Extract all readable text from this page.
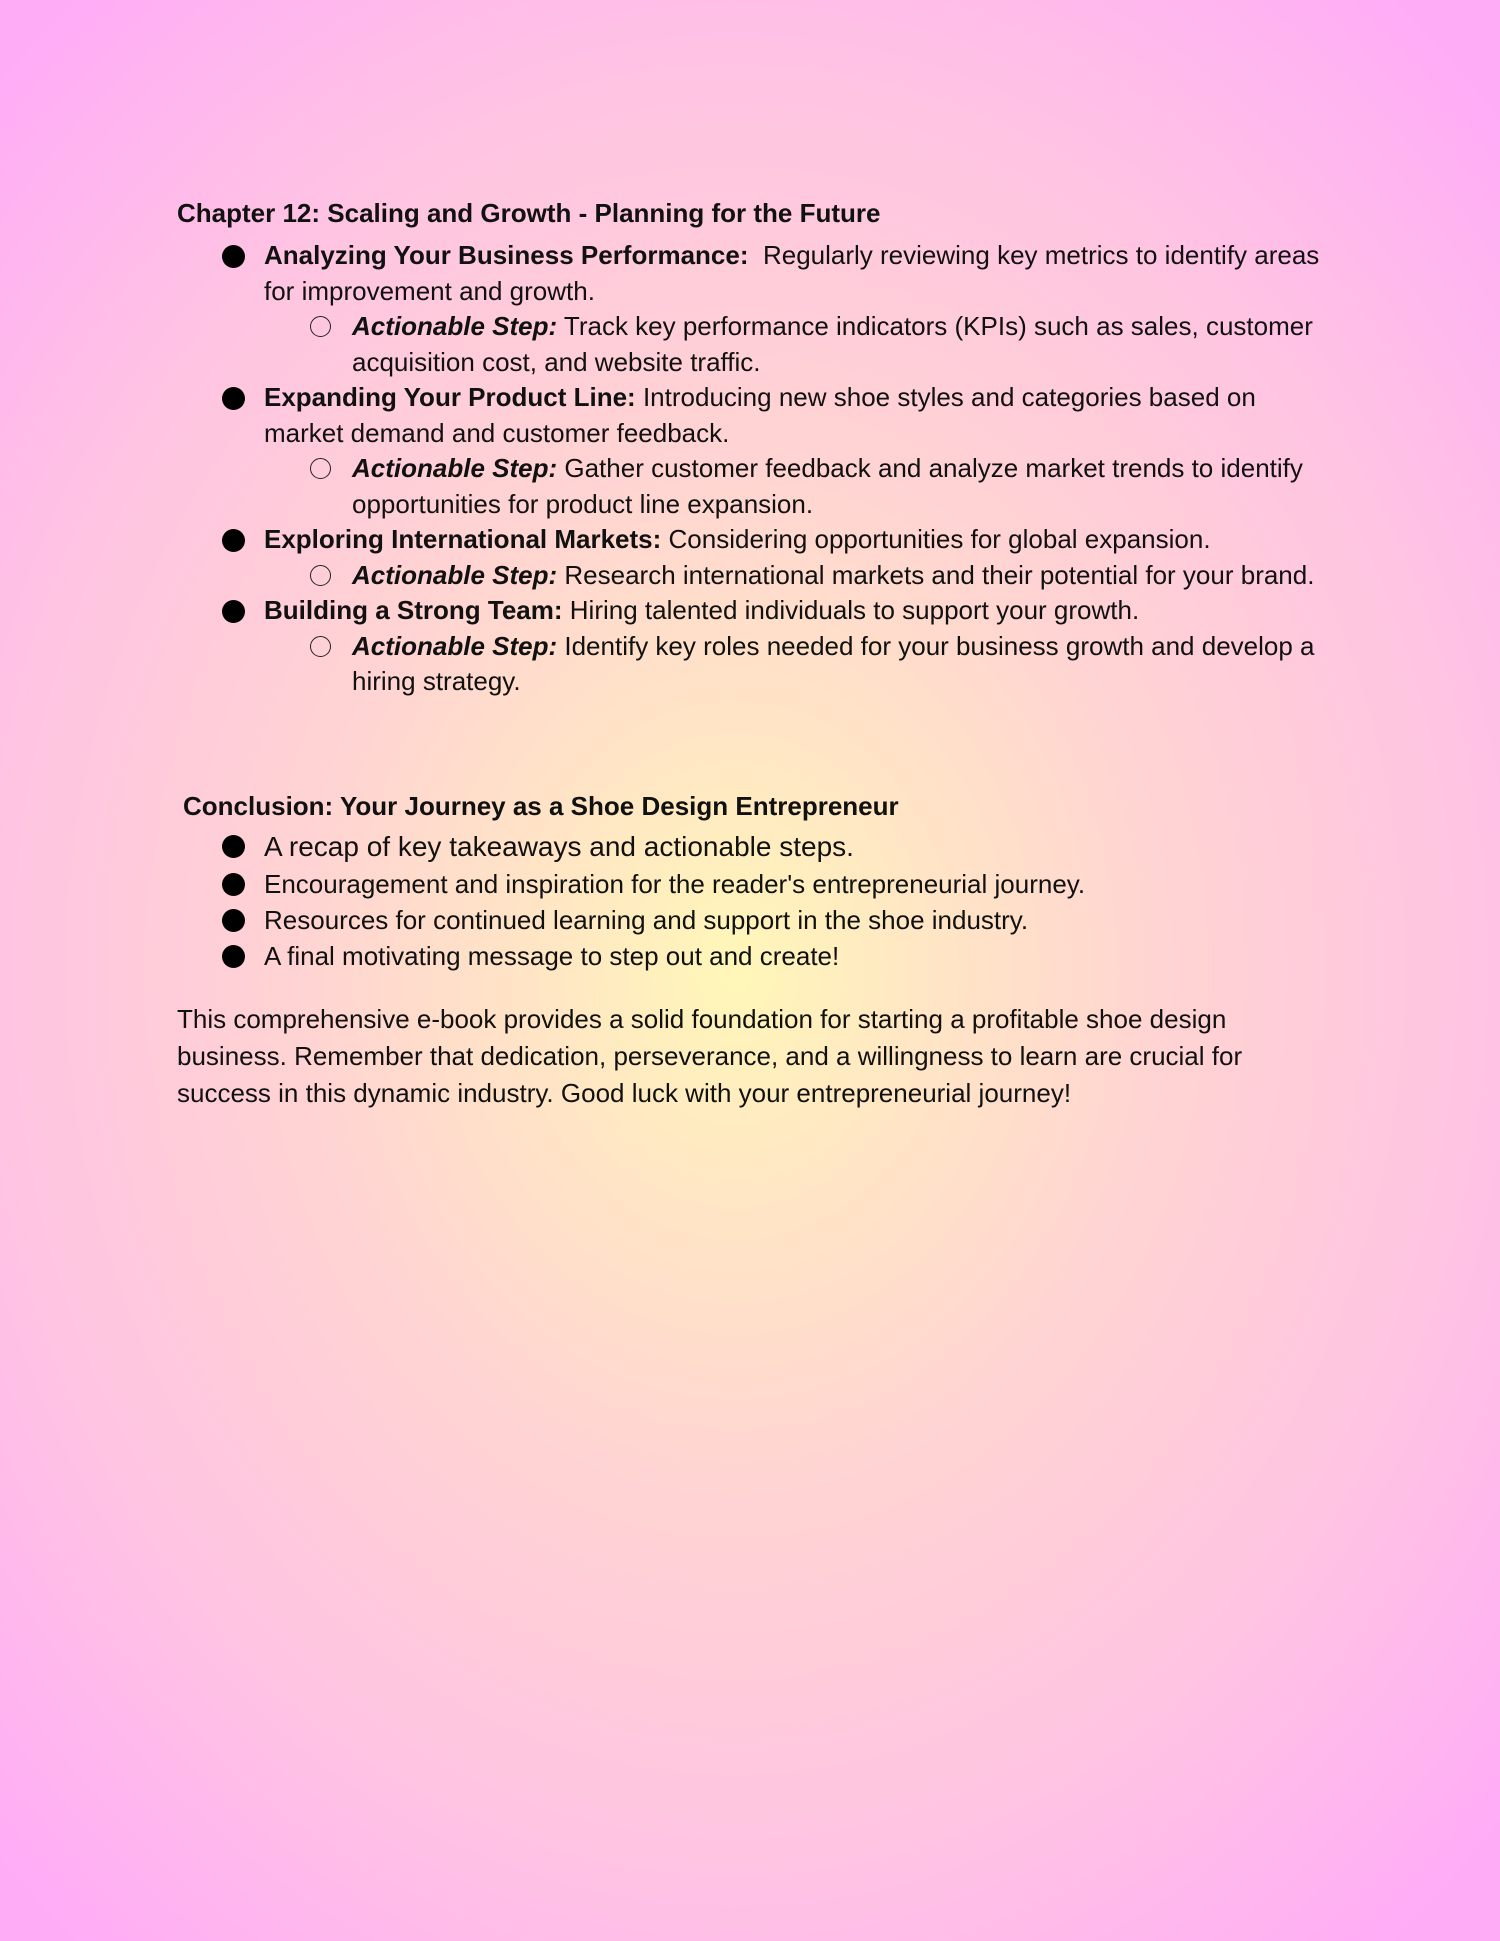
Chapter 12: Scaling and Growth - Planning for the Future
Analyzing Your Business Performance: Regularly reviewing key metrics to identify areas for improvement and growth.
Actionable Step: Track key performance indicators (KPIs) such as sales, customer acquisition cost, and website traffic.
Expanding Your Product Line: Introducing new shoe styles and categories based on market demand and customer feedback.
Actionable Step: Gather customer feedback and analyze market trends to identify opportunities for product line expansion.
Exploring International Markets: Considering opportunities for global expansion.
Actionable Step: Research international markets and their potential for your brand.
Building a Strong Team: Hiring talented individuals to support your growth.
Actionable Step: Identify key roles needed for your business growth and develop a hiring strategy.
Conclusion: Your Journey as a Shoe Design Entrepreneur
A recap of key takeaways and actionable steps.
Encouragement and inspiration for the reader's entrepreneurial journey.
Resources for continued learning and support in the shoe industry.
A final motivating message to step out and create!

This comprehensive e-book provides a solid foundation for starting a profitable shoe design business. Remember that dedication, perseverance, and a willingness to learn are crucial for success in this dynamic industry. Good luck with your entrepreneurial journey!
